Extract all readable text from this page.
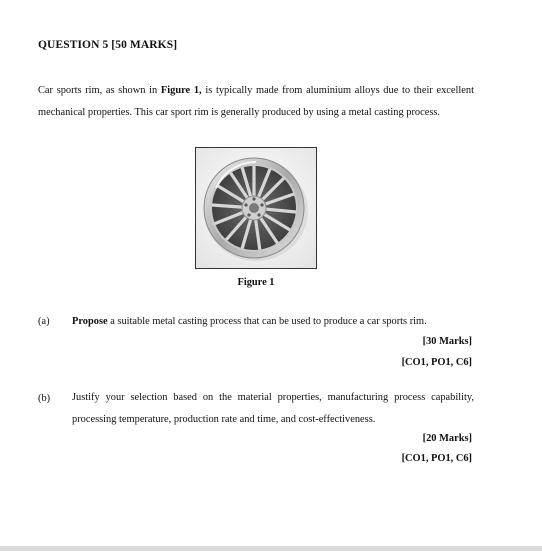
QUESTION 5 [50 MARKS]
Car sports rim, as shown in Figure 1, is typically made from aluminium alloys due to their excellent mechanical properties. This car sport rim is generally produced by using a metal casting process.
Figure 1
(a) Propose a suitable metal casting process that can be used to produce a car sports rim.
[30 Marks]
[CO1, PO1, C6]
(b) Justify your selection based on the material properties, manufacturing process capability, processing temperature, production rate and time, and cost-effectiveness.
[20 Marks]
[CO1, PO1, C6]
